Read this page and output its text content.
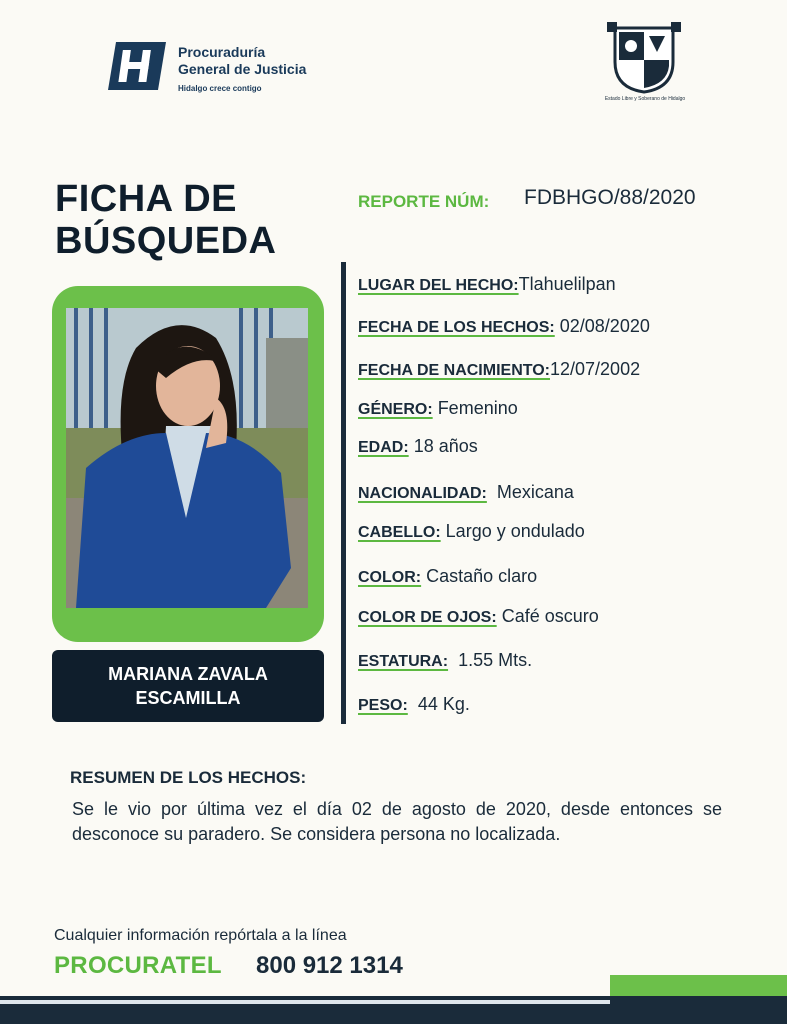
Procuraduría
General de Justicia
Hidalgo crece contigo
Estado Libre y Soberano de Hidalgo
FICHA DE
BÚSQUEDA
REPORTE NÚM: FDBHGO/88/2020
MARIANA ZAVALA
ESCAMILLA
LUGAR DEL HECHO:Tlahuelilpan
FECHA DE LOS HECHOS: 02/08/2020
FECHA DE NACIMIENTO:12/07/2002
GÉNERO: Femenino
EDAD: 18 años
NACIONALIDAD: Mexicana
CABELLO: Largo y ondulado
COLOR: Castaño claro
COLOR DE OJOS: Café oscuro
ESTATURA: 1.55 Mts.
PESO: 44 Kg.
RESUMEN DE LOS HECHOS:
Se le vio por última vez el día 02 de agosto de 2020, desde entonces se desconoce su paradero. Se considera persona no localizada.
Cualquier información repórtala a la línea
PROCURATEL 800 912 1314
